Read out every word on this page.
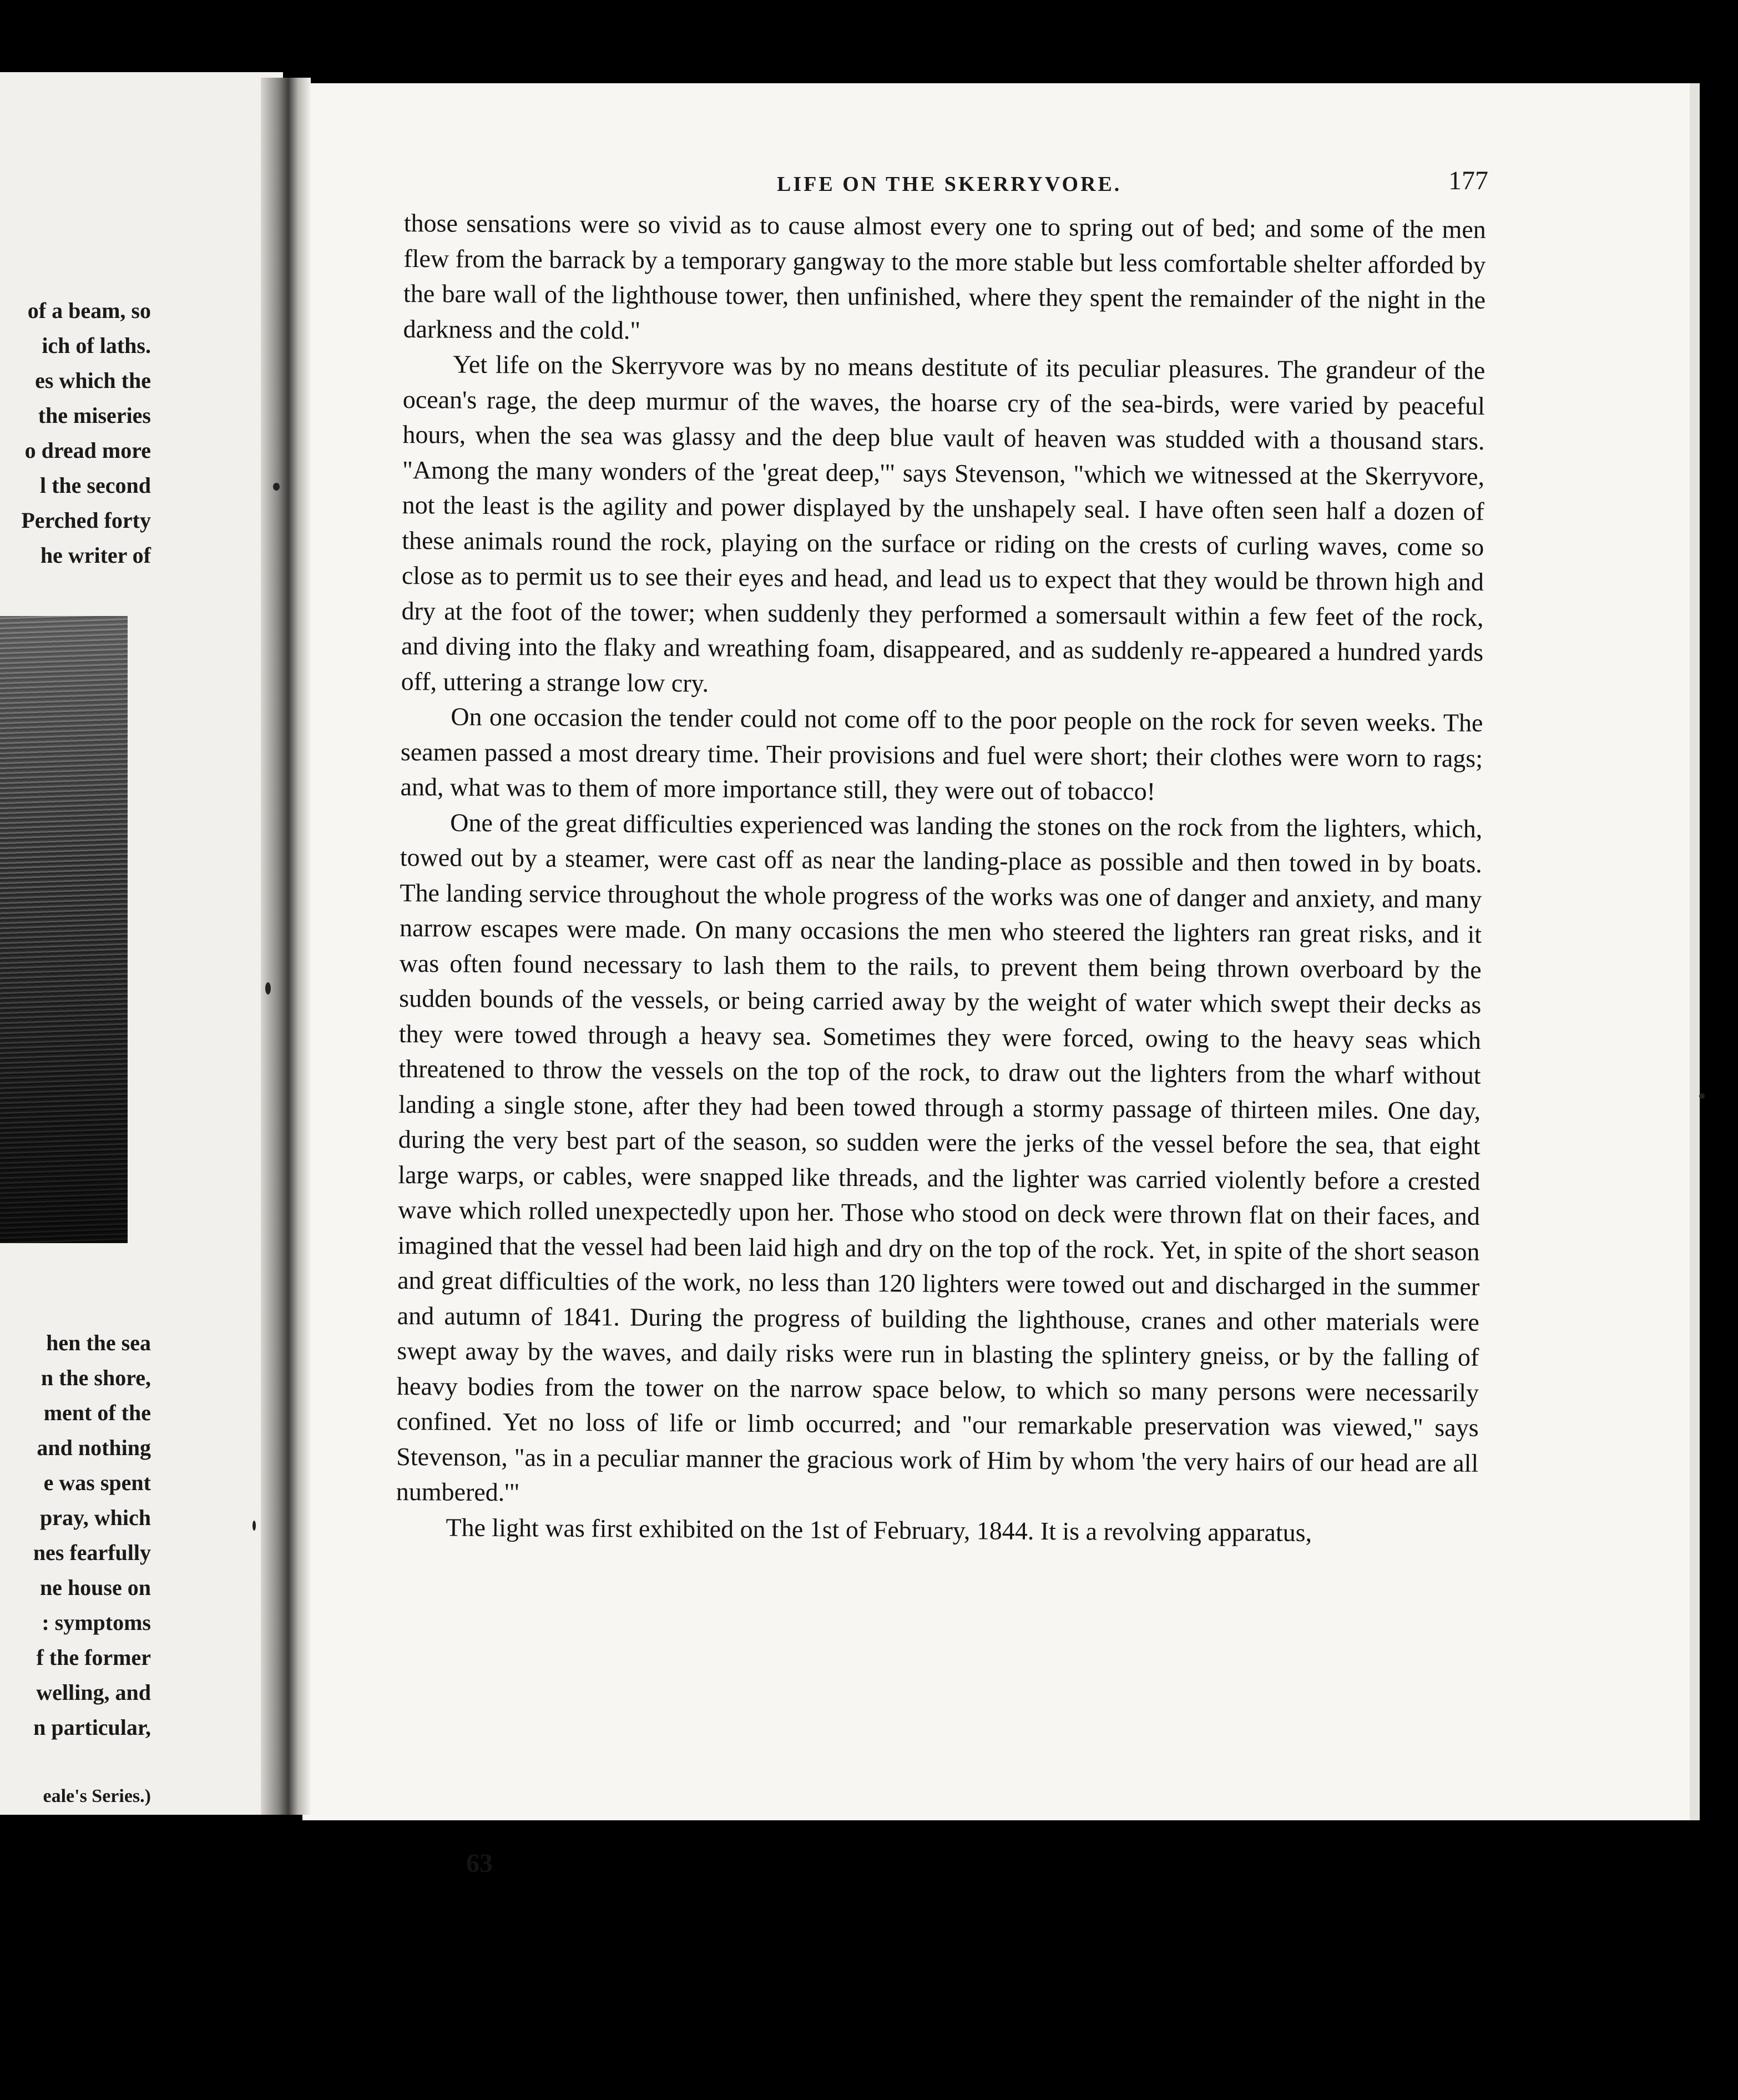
of a beam, so
ich of laths.
es which the
the miseries
o dread more
l the second
Perched forty
he writer of
hen the sea
n the shore,
ment of the
and nothing
e was spent
pray, which
nes fearfully
ne house on
: symptoms
f the former
welling, and
n particular,
eale's Series.)
LIFE ON THE SKERRYVORE.	177

those sensations were so vivid as to cause almost every one to spring out of bed; and some of the men flew from the barrack by a temporary gangway to the more stable but less comfortable shelter afforded by the bare wall of the lighthouse tower, then unfinished, where they spent the remainder of the night in the darkness and the cold."

Yet life on the Skerryvore was by no means destitute of its peculiar pleasures. The grandeur of the ocean's rage, the deep murmur of the waves, the hoarse cry of the sea-birds, were varied by peaceful hours, when the sea was glassy and the deep blue vault of heaven was studded with a thousand stars. "Among the many wonders of the 'great deep,'" says Stevenson, "which we witnessed at the Skerryvore, not the least is the agility and power displayed by the unshapely seal. I have often seen half a dozen of these animals round the rock, playing on the surface or riding on the crests of curling waves, come so close as to permit us to see their eyes and head, and lead us to expect that they would be thrown high and dry at the foot of the tower; when suddenly they performed a somersault within a few feet of the rock, and diving into the flaky and wreathing foam, disappeared, and as suddenly re-appeared a hundred yards off, uttering a strange low cry.

On one occasion the tender could not come off to the poor people on the rock for seven weeks. The seamen passed a most dreary time. Their provisions and fuel were short; their clothes were worn to rags; and, what was to them of more importance still, they were out of tobacco!

One of the great difficulties experienced was landing the stones on the rock from the lighters, which, towed out by a steamer, were cast off as near the landing-place as possible and then towed in by boats. The landing service throughout the whole progress of the works was one of danger and anxiety, and many narrow escapes were made. On many occasions the men who steered the lighters ran great risks, and it was often found necessary to lash them to the rails, to prevent them being thrown overboard by the sudden bounds of the vessels, or being carried away by the weight of water which swept their decks as they were towed through a heavy sea. Sometimes they were forced, owing to the heavy seas which threatened to throw the vessels on the top of the rock, to draw out the lighters from the wharf without landing a single stone, after they had been towed through a stormy passage of thirteen miles. One day, during the very best part of the season, so sudden were the jerks of the vessel before the sea, that eight large warps, or cables, were snapped like threads, and the lighter was carried violently before a crested wave which rolled unexpectedly upon her. Those who stood on deck were thrown flat on their faces, and imagined that the vessel had been laid high and dry on the top of the rock. Yet, in spite of the short season and great difficulties of the work, no less than 120 lighters were towed out and discharged in the summer and autumn of 1841. During the progress of building the lighthouse, cranes and other materials were swept away by the waves, and daily risks were run in blasting the splintery gneiss, or by the falling of heavy bodies from the tower on the narrow space below, to which so many persons were necessarily confined. Yet no loss of life or limb occurred; and "our remarkable preservation was viewed," says Stevenson, "as in a peculiar manner the gracious work of Him by whom 'the very hairs of our head are all numbered.'"

The light was first exhibited on the 1st of February, 1844. It is a revolving apparatus,

63
